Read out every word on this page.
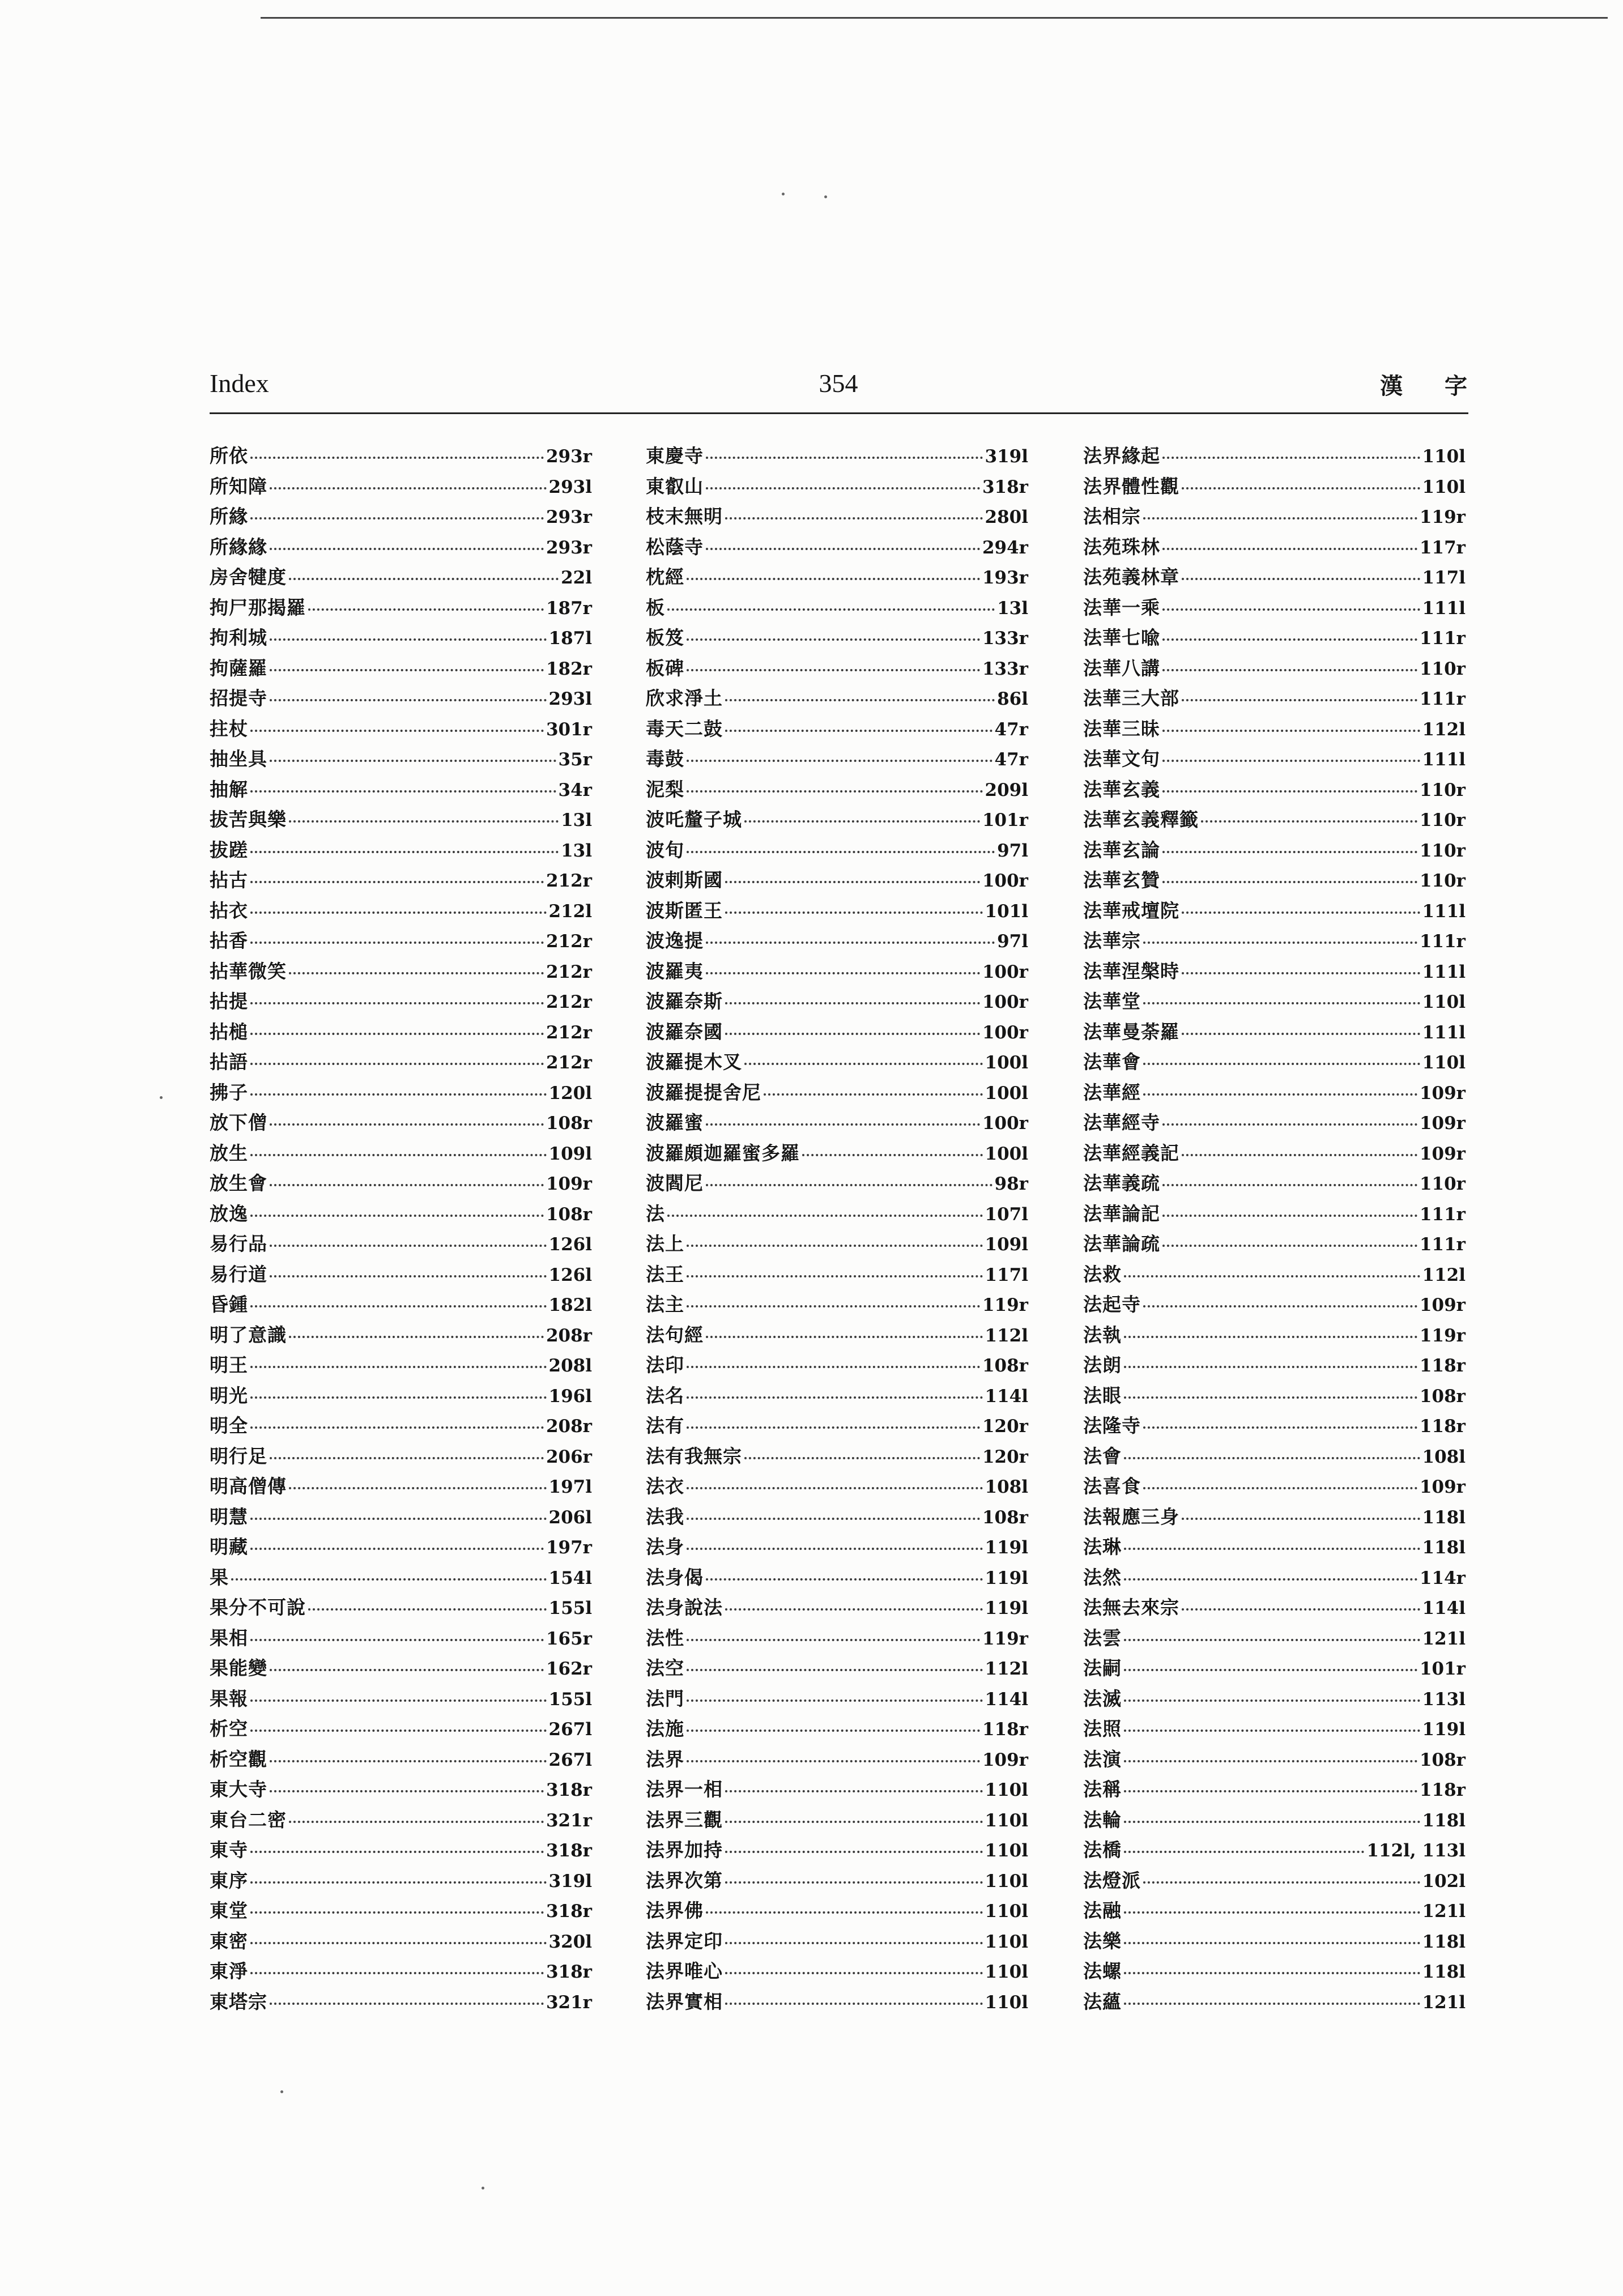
Index	354	漢 字
所依	293r
所知障	293l
所緣	293r
所緣緣	293r
房舍犍度	22l
拘尸那揭羅	187r
拘利城	187l
拘薩羅	182r
招提寺	293l
拄杖	301r
抽坐具	35r
抽解	34r
拔苦與樂	13l
拔蹉	13l
拈古	212r
拈衣	212l
拈香	212r
拈華微笑	212r
拈提	212r
拈槌	212r
拈語	212r
拂子	120l
放下僧	108r
放生	109l
放生會	109r
放逸	108r
易行品	126l
易行道	126l
昏鍾	182l
明了意識	208r
明王	208l
明光	196l
明全	208r
明行足	206r
明高僧傳	197l
明慧	206l
明藏	197r
果	154l
果分不可說	155l
果相	165r
果能變	162r
果報	155l
析空	267l
析空觀	267l
東大寺	318r
東台二密	321r
東寺	318r
東序	319l
東堂	318r
東密	320l
東淨	318r
東塔宗	321r
東慶寺	319l
東叡山	318r
枝末無明	280l
松蔭寺	294r
枕經	193r
板	13l
板笈	133r
板碑	133r
欣求淨土	86l
毒天二鼓	47r
毒鼓	47r
泥梨	209l
波吒釐子城	101r
波旬	97l
波剌斯國	100r
波斯匿王	101l
波逸提	97l
波羅夷	100r
波羅奈斯	100r
波羅奈國	100r
波羅提木叉	100l
波羅提提舍尼	100l
波羅蜜	100r
波羅頗迦羅蜜多羅	100l
波閻尼	98r
法	107l
法上	109l
法王	117l
法主	119r
法句經	112l
法印	108r
法名	114l
法有	120r
法有我無宗	120r
法衣	108l
法我	108r
法身	119l
法身偈	119l
法身說法	119l
法性	119r
法空	112l
法門	114l
法施	118r
法界	109r
法界一相	110l
法界三觀	110l
法界加持	110l
法界次第	110l
法界佛	110l
法界定印	110l
法界唯心	110l
法界實相	110l
法界緣起	110l
法界體性觀	110l
法相宗	119r
法苑珠林	117r
法苑義林章	117l
法華一乘	111l
法華七喩	111r
法華八講	110r
法華三大部	111r
法華三昧	112l
法華文句	111l
法華玄義	110r
法華玄義釋籤	110r
法華玄論	110r
法華玄贊	110r
法華戒壇院	111l
法華宗	111r
法華涅槃時	111l
法華堂	110l
法華曼荼羅	111l
法華會	110l
法華經	109r
法華經寺	109r
法華經義記	109r
法華義疏	110r
法華論記	111r
法華論疏	111r
法救	112l
法起寺	109r
法執	119r
法朗	118r
法眼	108r
法隆寺	118r
法會	108l
法喜食	109r
法報應三身	118l
法琳	118l
法然	114r
法無去來宗	114l
法雲	121l
法嗣	101r
法滅	113l
法照	119l
法演	108r
法稱	118r
法輪	118l
法橋	112l, 113l
法燈派	102l
法融	121l
法樂	118l
法螺	118l
法蘊	121l
